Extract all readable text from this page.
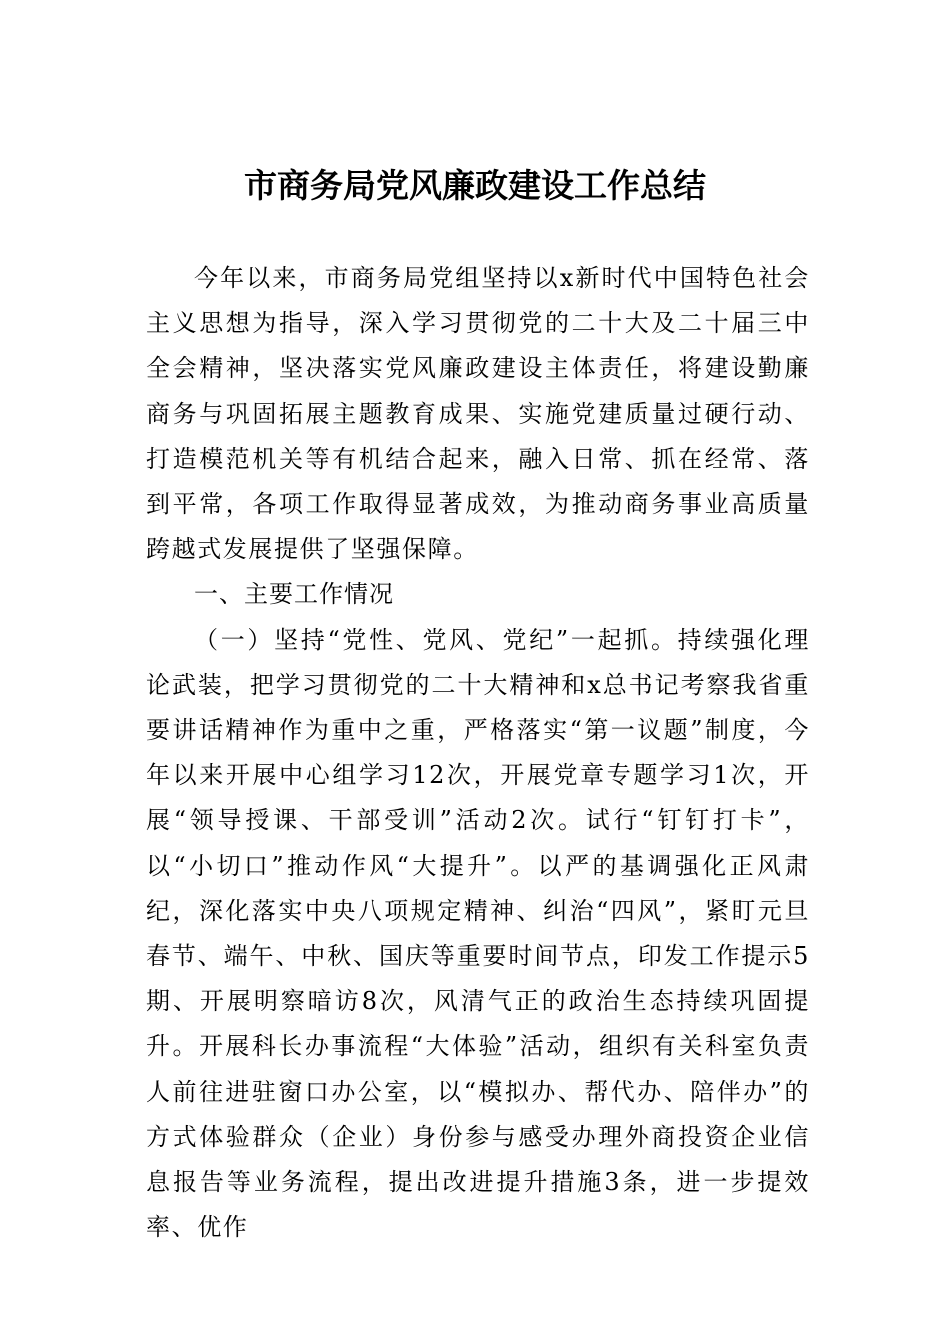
市商务局党风廉政建设工作总结

今年以来，市商务局党组坚持以x新时代中国特色社会主义思想为指导，深入学习贯彻党的二十大及二十届三中全会精神，坚决落实党风廉政建设主体责任，将建设勤廉商务与巩固拓展主题教育成果、实施党建质量过硬行动、打造模范机关等有机结合起来，融入日常、抓在经常、落到平常，各项工作取得显著成效，为推动商务事业高质量跨越式发展提供了坚强保障。

一、主要工作情况

（一）坚持“党性、党风、党纪”一起抓。持续强化理论武装，把学习贯彻党的二十大精神和x总书记考察我省重要讲话精神作为重中之重，严格落实“第一议题”制度，今年以来开展中心组学习12次，开展党章专题学习1次，开展“领导授课、干部受训”活动2次。试行“钉钉打卡”，以“小切口”推动作风“大提升”。以严的基调强化正风肃纪，深化落实中央八项规定精神、纠治“四风”，紧盯元旦春节、端午、中秋、国庆等重要时间节点，印发工作提示5期、开展明察暗访8次，风清气正的政治生态持续巩固提升。开展科长办事流程“大体验”活动，组织有关科室负责人前往进驻窗口办公室，以“模拟办、帮代办、陪伴办”的方式体验群众（企业）身份参与感受办理外商投资企业信息报告等业务流程，提出改进提升措施3条，进一步提效率、优作
